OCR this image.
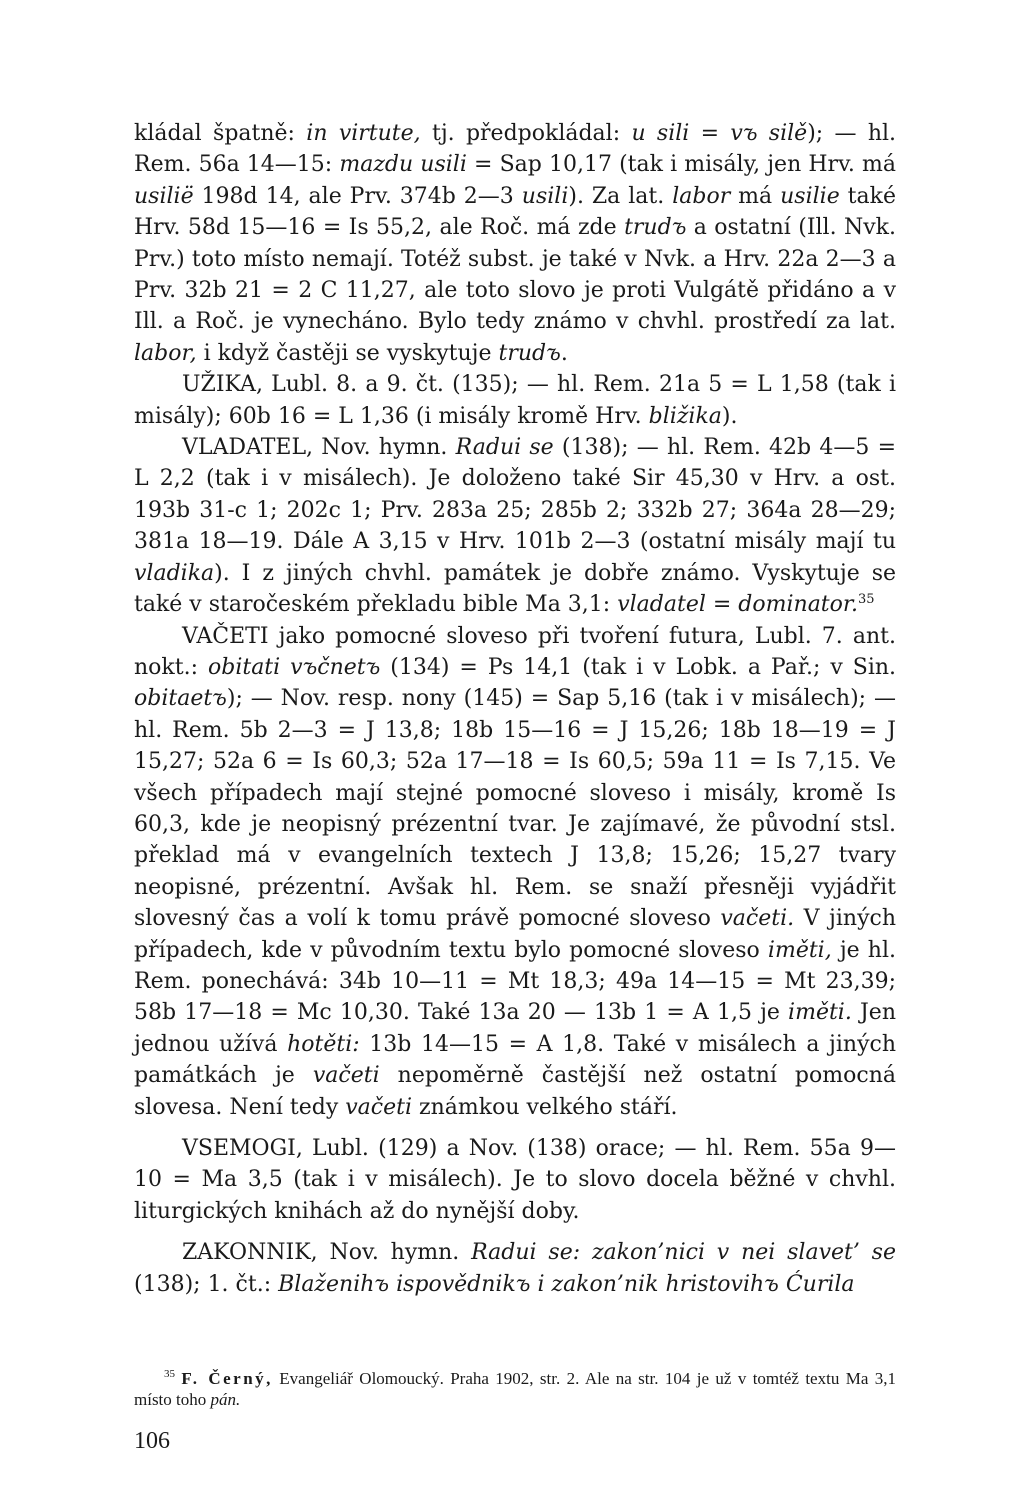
kládal špatně: in virtute, tj. předpokládal: u sili = vъ silě); — hl. Rem. 56a 14—15: mazdu usili = Sap 10,17 (tak i misály, jen Hrv. má usilië 198d 14, ale Prv. 374b 2—3 usili). Za lat. labor má usilie také Hrv. 58d 15—16 = Is 55,2, ale Roč. má zde trudъ a ostatní (Ill. Nvk. Prv.) toto místo nemají. Totéž subst. je také v Nvk. a Hrv. 22a 2—3 a Prv. 32b 21 = 2 C 11,27, ale toto slovo je proti Vulgátě přidáno a v Ill. a Roč. je vynecháno. Bylo tedy známo v chvhl. prostředí za lat. labor, i když častěji se vyskytuje trudъ.

UŽIKA, Lubl. 8. a 9. čt. (135); — hl. Rem. 21a 5 = L 1,58 (tak i misály); 60b 16 = L 1,36 (i misály kromě Hrv. bližika).

VLADATEL, Nov. hymn. Radui se (138); — hl. Rem. 42b 4—5 = L 2,2 (tak i v misálech). Je doloženo také Sir 45,30 v Hrv. a ost. 193b 31-c 1; 202c 1; Prv. 283a 25; 285b 2; 332b 27; 364a 28—29; 381a 18—19. Dále A 3,15 v Hrv. 101b 2—3 (ostatní misály mají tu vladika). I z jiných chvhl. památek je dobře známo. Vyskytuje se také v staročeském překladu bible Ma 3,1: vladatel = dominator.$^{35}$

VAČETI jako pomocné sloveso při tvoření futura, Lubl. 7. ant. nokt.: obitati vъčnetъ (134) = Ps 14,1 (tak i v Lobk. a Pař.; v Sin. obitaetъ); — Nov. resp. nony (145) = Sap 5,16 (tak i v misálech); — hl. Rem. 5b 2—3 = J 13,8; 18b 15—16 = J 15,26; 18b 18—19 = J 15,27; 52a 6 = Is 60,3; 52a 17—18 = Is 60,5; 59a 11 = Is 7,15. Ve všech případech mají stejné pomocné sloveso i misály, kromě Is 60,3, kde je neopisný prézentní tvar. Je zajímavé, že původní stsl. překlad má v evangelních textech J 13,8; 15,26; 15,27 tvary neopisné, prézentní. Avšak hl. Rem. se snaží přesněji vyjádřit slovesný čas a volí k tomu právě pomocné sloveso vačeti. V jiných případech, kde v původním textu bylo pomocné sloveso iměti, je hl. Rem. ponechává: 34b 10—11 = Mt 18,3; 49a 14—15 = Mt 23,39; 58b 17—18 = Mc 10,30. Také 13a 20 — 13b 1 = A 1,5 je iměti. Jen jednou užívá hotěti: 13b 14—15 = A 1,8. Také v misálech a jiných památkách je vačeti nepoměrně častější než ostatní pomocná slovesa. Není tedy vačeti známkou velkého stáří.

VSEMOGI, Lubl. (129) a Nov. (138) orace; — hl. Rem. 55a 9—10 = Ma 3,5 (tak i v misálech). Je to slovo docela běžné v chvhl. liturgických knihách až do nynější doby.

ZAKONNIK, Nov. hymn. Radui se: zakon’nici v nei slavet’ se (138); 1. čt.: Blaženihъ ispovědnikъ i zakon’nik hristovihъ Ćurila

$^{35}$ F. Černý, Evangeliář Olomoucký. Praha 1902, str. 2. Ale na str. 104 je už v tomtéž textu Ma 3,1 místo toho pán.
106
